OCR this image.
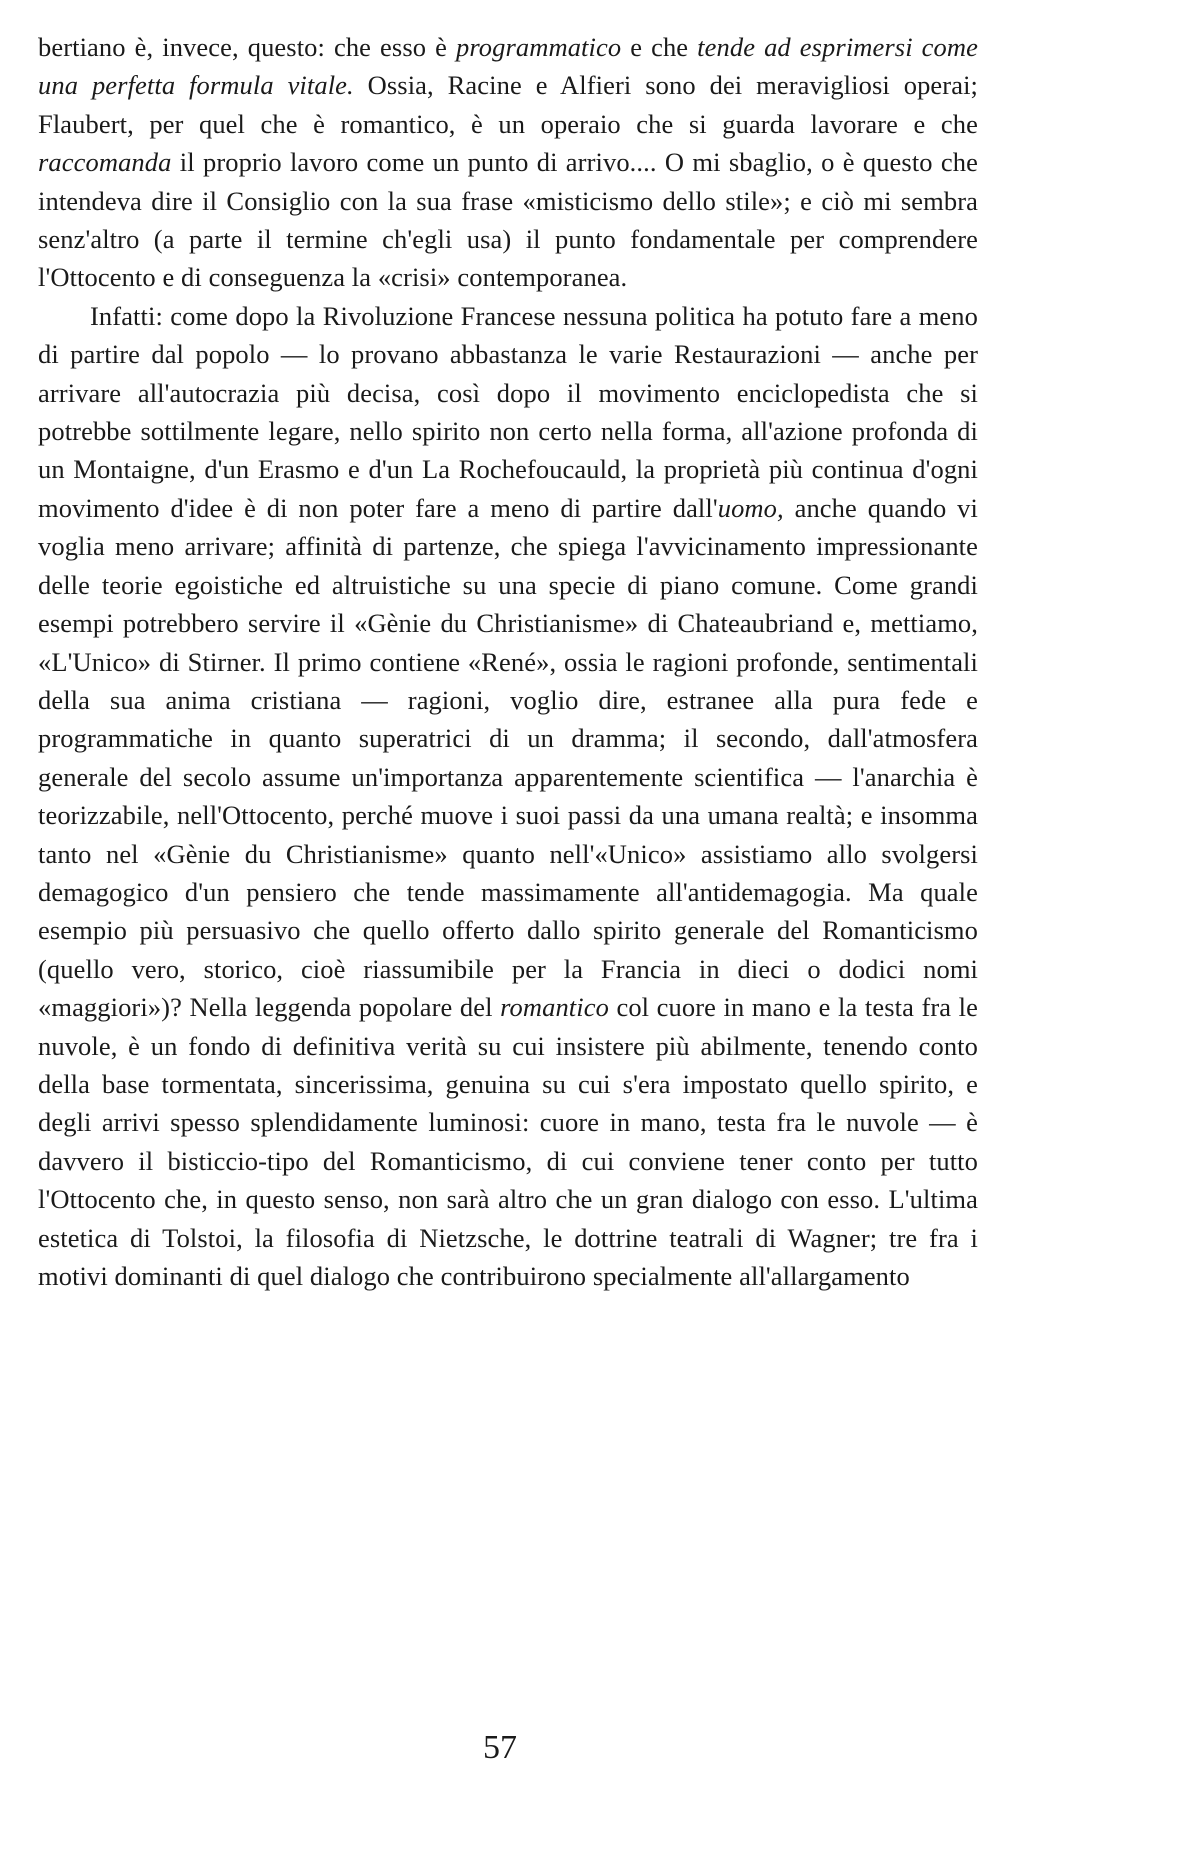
bertiano è, invece, questo: che esso è programmatico e che tende ad esprimersi come una perfetta formula vitale. Ossia, Racine e Alfieri sono dei meravigliosi operai; Flaubert, per quel che è romantico, è un operaio che si guarda lavorare e che raccomanda il proprio lavoro come un punto di arrivo.... O mi sbaglio, o è questo che intendeva dire il Consiglio con la sua frase «misticismo dello stile»; e ciò mi sembra senz'altro (a parte il termine ch'egli usa) il punto fondamentale per comprendere l'Ottocento e di conseguenza la «crisi» contemporanea.

Infatti: come dopo la Rivoluzione Francese nessuna politica ha potuto fare a meno di partire dal popolo — lo provano abbastanza le varie Restaurazioni — anche per arrivare all'autocrazia più decisa, così dopo il movimento enciclopedista che si potrebbe sottilmente legare, nello spirito non certo nella forma, all'azione profonda di un Montaigne, d'un Erasmo e d'un La Rochefoucauld, la proprietà più continua d'ogni movimento d'idee è di non poter fare a meno di partire dall'uomo, anche quando vi voglia meno arrivare; affinità di partenze, che spiega l'avvicinamento impressionante delle teorie egoistiche ed altruistiche su una specie di piano comune. Come grandi esempi potrebbero servire il «Gènie du Christianisme» di Chateaubriand e, mettiamo, «L'Unico» di Stirner. Il primo contiene «René», ossia le ragioni profonde, sentimentali della sua anima cristiana — ragioni, voglio dire, estranee alla pura fede e programmatiche in quanto superatrici di un dramma; il secondo, dall'atmosfera generale del secolo assume un'importanza apparentemente scientifica — l'anarchia è teorizzabile, nell'Ottocento, perché muove i suoi passi da una umana realtà; e insomma tanto nel «Gènie du Christianisme» quanto nell'«Unico» assistiamo allo svolgersi demagogico d'un pensiero che tende massimamente all'antidemagogia. Ma quale esempio più persuasivo che quello offerto dallo spirito generale del Romanticismo (quello vero, storico, cioè riassumibile per la Francia in dieci o dodici nomi «maggiori»)? Nella leggenda popolare del romantico col cuore in mano e la testa fra le nuvole, è un fondo di definitiva verità su cui insistere più abilmente, tenendo conto della base tormentata, sincerissima, genuina su cui s'era impostato quello spirito, e degli arrivi spesso splendidamente luminosi: cuore in mano, testa fra le nuvole — è davvero il bisticcio-tipo del Romanticismo, di cui conviene tener conto per tutto l'Ottocento che, in questo senso, non sarà altro che un gran dialogo con esso. L'ultima estetica di Tolstoi, la filosofia di Nietzsche, le dottrine teatrali di Wagner; tre fra i motivi dominanti di quel dialogo che contribuirono specialmente all'allargamento

57
